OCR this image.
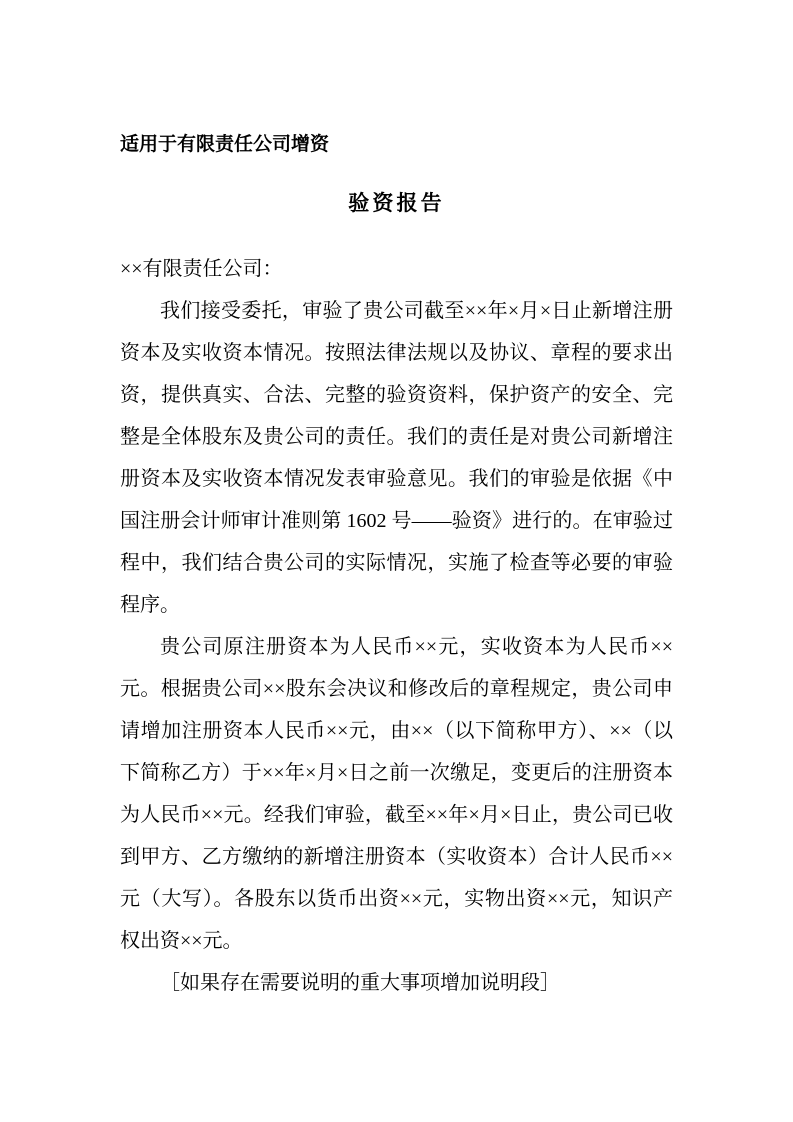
适用于有限责任公司增资
验资报告

××有限责任公司：

我们接受委托，审验了贵公司截至××年×月×日止新增注册资本及实收资本情况。按照法律法规以及协议、章程的要求出资，提供真实、合法、完整的验资资料，保护资产的安全、完整是全体股东及贵公司的责任。我们的责任是对贵公司新增注册资本及实收资本情况发表审验意见。我们的审验是依据《中国注册会计师审计准则第 1602 号——验资》进行的。在审验过程中，我们结合贵公司的实际情况，实施了检查等必要的审验程序。

贵公司原注册资本为人民币××元，实收资本为人民币××元。根据贵公司××股东会决议和修改后的章程规定，贵公司申请增加注册资本人民币××元，由××（以下简称甲方）、××（以下简称乙方）于××年×月×日之前一次缴足，变更后的注册资本为人民币××元。经我们审验，截至××年×月×日止，贵公司已收到甲方、乙方缴纳的新增注册资本（实收资本）合计人民币××元（大写）。各股东以货币出资××元，实物出资××元，知识产权出资××元。

［如果存在需要说明的重大事项增加说明段］
